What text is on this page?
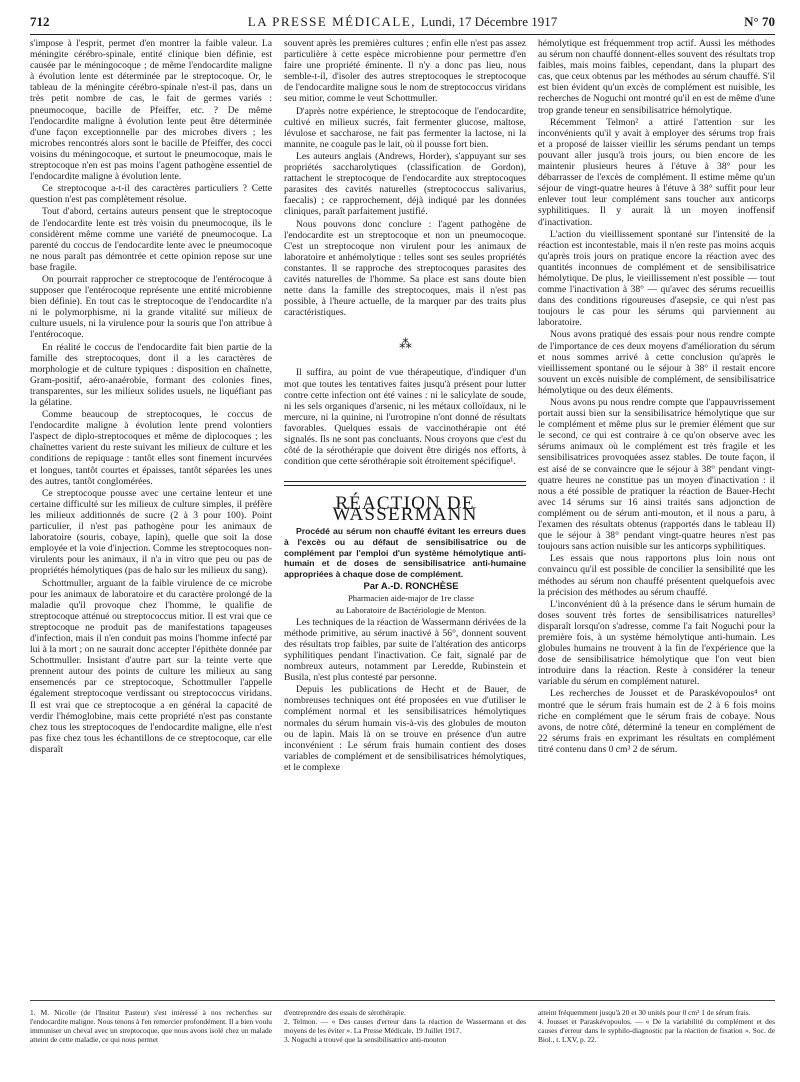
712	LA PRESSE MÉDICALE, Lundi, 17 Décembre 1917	N° 70

s'impose à l'esprit, permet d'en montrer la faible valeur. La méningite cérébro-spinale, entité clinique bien définie, est causée par le méningocoque ; de même l'endocardite maligne à évolution lente est déterminée par le streptocoque. Or, le tableau de la méningite cérébro-spinale n'est-il pas, dans un très petit nombre de cas, le fait de germes variés : pneumocoque, bacille de Pfeiffer, etc. ? De même l'endocardite maligne à évolution lente peut être déterminée d'une façon exceptionnelle par des microbes divers ; les microbes rencontrés alors sont le bacille de Pfeiffer, des cocci voisins du méningocoque, et surtout le pneumocoque, mais le streptocoque n'en est pas moins l'agent pathogène essentiel de l'endocardite maligne à évolution lente.

Ce streptocoque a-t-il des caractères particuliers ? Cette question n'est pas complètement résolue.

Tout d'abord, certains auteurs pensent que le streptocoque de l'endocardite lente est très voisin du pneumocoque, ils le considèrent même comme une variété de pneumocoque. La parenté du coccus de l'endocardite lente avec le pneumocoque ne nous paraît pas démontrée et cette opinion repose sur une base fragile.

On pourrait rapprocher ce streptocoque de l'entérocoque à supposer que l'entérocoque représente une entité microbienne bien définie). En tout cas le streptocoque de l'endocardite n'a ni le polymorphisme, ni la grande vitalité sur milieux de culture usuels, ni la virulence pour la souris que l'on attribue à l'entérocoque.

En réalité le coccus de l'endocardite fait bien partie de la famille des streptocoques, dont il a les caractères de morphologie et de culture typiques : disposition en chaînette, Gram-positif, aéro-anaérobie, formant des colonies fines, transparentes, sur les milieux solides usuels, ne liquéfiant pas la gélatine.

Comme beaucoup de streptocoques, le coccus de l'endocardite maligne à évolution lente prend volontiers l'aspect de diplo-streptocoques et même de diplocoques ; les chaînettes varient du reste suivant les milieux de culture et les conditions de repiquage : tantôt elles sont finement incurvées et longues, tantôt courtes et épaisses, tantôt séparées les unes des autres, tantôt conglomérées.

Ce streptocoque pousse avec une certaine lenteur et une certaine difficulté sur les milieux de culture simples, il préfère les milieux additionnés de sucre (2 à 3 pour 100). Point particulier, il n'est pas pathogène pour les animaux de laboratoire (souris, cobaye, lapin), quelle que soit la dose employée et la voie d'injection. Comme les streptocoques non-virulents pour les animaux, il n'a in vitro que peu ou pas de propriétés hémolytiques (pas de halo sur les milieux du sang).

Schottmuller, arguant de la faible virulence de ce microbe pour les animaux de laboratoire et du caractère prolongé de la maladie qu'il provoque chez l'homme, le qualifie de streptocoque atténué ou streptococcus mitior. Il est vrai que ce streptocoque ne produit pas de manifestations tapageuses d'infection, mais il n'en conduit pas moins l'homme infecté par lui à la mort ; on ne saurait donc accepter l'épithète donnée par Schottmuller. Insistant d'autre part sur la teinte verte que prennent autour des points de culture les milieux au sang ensemencés par ce streptocoque, Schottmuller l'appelle également streptocoque verdissant ou streptococcus viridans. Il est vrai que ce streptocoque a en général la capacité de verdir l'hémoglobine, mais cette propriété n'est pas constante chez tous les streptocoques de l'endocardite maligne, elle n'est pas fixe chez tous les échantillons de ce streptocoque, car elle disparaît

souvent après les premières cultures ; enfin elle n'est pas assez particulière à cette espèce microbienne pour permettre d'en faire une propriété éminente. Il n'y a donc pas lieu, nous semble-t-il, d'isoler des autres streptocoques le streptocoque de l'endocardite maligne sous le nom de streptococcus viridans seu mitior, comme le veut Schottmuller.

D'après notre expérience, le streptocoque de l'endocardite, cultivé en milieux sucrés, fait fermenter glucose, maltose, lévulose et saccharose, ne fait pas fermenter la lactose, ni la mannite, ne coagule pas le lait, où il pousse fort bien.

Les auteurs anglais (Andrews, Horder), s'appuyant sur ses propriétés saccharolytiques (classification de Gordon), rattachent le streptocoque de l'endocardite aux streptocoques parasites des cavités naturelles (streptococcus salivarius, faecalis) ; ce rapprochement, déjà indiqué par les données cliniques, paraît parfaitement justifié.

Nous pouvons donc conclure : l'agent pathogène de l'endocardite est un streptocoque et non un pneumocoque. C'est un streptocoque non virulent pour les animaux de laboratoire et anhémolytique : telles sont ses seules propriétés constantes. Il se rapproche des streptocoques parasites des cavités naturelles de l'homme. Sa place est sans doute bien nette dans la famille des streptocoques, mais il n'est pas possible, à l'heure actuelle, de la marquer par des traits plus caractéristiques.

⁂

Il suffira, au point de vue thérapeutique, d'indiquer d'un mot que toutes les tentatives faites jusqu'à présent pour lutter contre cette infection ont été vaines : ni le salicylate de soude, ni les sels organiques d'arsenic, ni les métaux colloïdaux, ni le mercure, ni la quinine, ni l'urotropine n'ont donné de résultats favorables. Quelques essais de vaccinothérapie ont été signalés. Ils ne sont pas concluants. Nous croyons que c'est du côté de la sérothérapie que doivent être dirigés nos efforts, à condition que cette sérothérapie soit étroitement spécifique¹.

RÉACTION DE WASSERMANN

Procédé au sérum non chauffé évitant les erreurs dues à l'excès ou au défaut de sensibilisatrice ou de complément par l'emploi d'un système hémolytique anti-humain et de doses de sensibilisatrice anti-humaine appropriées à chaque dose de complément.

Par A.-D. RONCHÈSE

Pharmacien aide-major de 1re classe

au Laboratoire de Bactériologie de Menton.

Les techniques de la réaction de Wassermann dérivées de la méthode primitive, au sérum inactivé à 56°, donnent souvent des résultats trop faibles, par suite de l'altération des anticorps syphilitiques pendant l'inactivation. Ce fait, signalé par de nombreux auteurs, notamment par Leredde, Rubinstein et Busila, n'est plus contesté par personne.

Depuis les publications de Hecht et de Bauer, de nombreuses techniques ont été proposées en vue d'utiliser le complément normal et les sensibilisatrices hémolytiques normales du sérum humain vis-à-vis des globules de mouton ou de lapin. Mais là on se trouve en présence d'un autre inconvénient : Le sérum frais humain contient des doses variables de complément et de sensibilisatrices hémolytiques, et le complexe

hémolytique est fréquemment trop actif. Aussi les méthodes au sérum non chauffé donnent-elles souvent des résultats trop faibles, mais moins faibles, cependant, dans la plupart des cas, que ceux obtenus par les méthodes au sérum chauffé. S'il est bien évident qu'un excès de complément est nuisible, les recherches de Noguchi ont montré qu'il en est de même d'une trop grande teneur en sensibilisatrice hémolytique.

Récemment Telmon² a attiré l'attention sur les inconvénients qu'il y avait à employer des sérums trop frais et a proposé de laisser vieillir les sérums pendant un temps pouvant aller jusqu'à trois jours, ou bien encore de les maintenir plusieurs heures à l'étuve à 38° pour les débarrasser de l'excès de complément. Il estime même qu'un séjour de vingt-quatre heures à l'étuve à 38° suffit pour leur enlever tout leur complément sans toucher aux anticorps syphilitiques. Il y aurait là un moyen inoffensif d'inactivation.

L'action du vieillissement spontané sur l'intensité de la réaction est incontestable, mais il n'en reste pas moins acquis qu'après trois jours on pratique encore la réaction avec des quantités inconnues de complément et de sensibilisatrice hémolytique. De plus, le vieillissement n'est possible — tout comme l'inactivation à 38° — qu'avec des sérums recueillis dans des conditions rigoureuses d'asepsie, ce qui n'est pas toujours le cas pour les sérums qui parviennent au laboratoire.

Nous avons pratiqué des essais pour nous rendre compte de l'importance de ces deux moyens d'amélioration du sérum et nous sommes arrivé à cette conclusion qu'après le vieillissement spontané ou le séjour à 38° il restait encore souvent un excès nuisible de complément, de sensibilisatrice hémolytique ou des deux éléments.

Nous avons pu nous rendre compte que l'appauvrissement portait aussi bien sur la sensibilisatrice hémolytique que sur le complément et même plus sur le premier élément que sur le second, ce qui est contraire à ce qu'on observe avec les sérums animaux où le complément est très fragile et les sensibilisatrices provoquées assez stables. De toute façon, il est aisé de se convaincre que le séjour à 38° pendant vingt-quatre heures ne constitue pas un moyen d'inactivation : il nous a été possible de pratiquer la réaction de Bauer-Hecht avec 14 sérums sur 16 ainsi traités sans adjonction de complément ou de sérum anti-mouton, et il nous a paru, à l'examen des résultats obtenus (rapportés dans le tableau II) que le séjour à 38° pendant vingt-quatre heures n'est pas toujours sans action nuisible sur les anticorps syphilitiques.

Les essais que nous rapportons plus loin nous ont convaincu qu'il est possible de concilier la sensibilité que les méthodes au sérum non chauffé présentent quelquefois avec la précision des méthodes au sérum chauffé.

L'inconvénient dû à la présence dans le sérum humain de doses souvent très fortes de sensibilisatrices naturelles³ disparaît lorsqu'on s'adresse, comme l'a fait Noguchi pour la première fois, à un système hémolytique anti-humain. Les globules humains ne trouvent à la fin de l'expérience que la dose de sensibilisatrice hémolytique que l'on veut bien introduire dans la réaction. Reste à considérer la teneur variable du sérum en complément naturel.

Les recherches de Jousset et de Paraskévopoulos⁴ ont montré que le sérum frais humain est de 2 à 6 fois moins riche en complément que le sérum frais de cobaye. Nous avons, de notre côté, déterminé la teneur en complément de 22 sérums frais en exprimant les résultats en complément titré contenu dans 0 cm³ 2 de sérum.

1. M. Nicolle (de l'Institut Pasteur) s'est intéressé à nos recherches sur l'endocardite maligne. Nous tenons à l'en remercier profondément. Il a bien voulu immuniser un cheval avec un streptocoque, que nous avons isolé chez un malade atteint de cette maladie, ce qui nous permet

d'entreprendre des essais de sérothérapie.

2. Telmon. — « Des causes d'erreur dans la réaction de Wassermann et des moyens de les éviter ». La Presse Médicale, 19 Juillet 1917.

3. Noguchi a trouvé que la sensibilisatrice anti-mouton

atteint fréquemment jusqu'à 20 et 30 unités pour 0 cm³ 1 de sérum frais.

4. Jousset et Paraskévopoulos. — « De la variabilité du complément et des causes d'erreur dans le syphilo-diagnostic par la réaction de fixation ». Soc. de Biol., t. LXV, p. 22.
